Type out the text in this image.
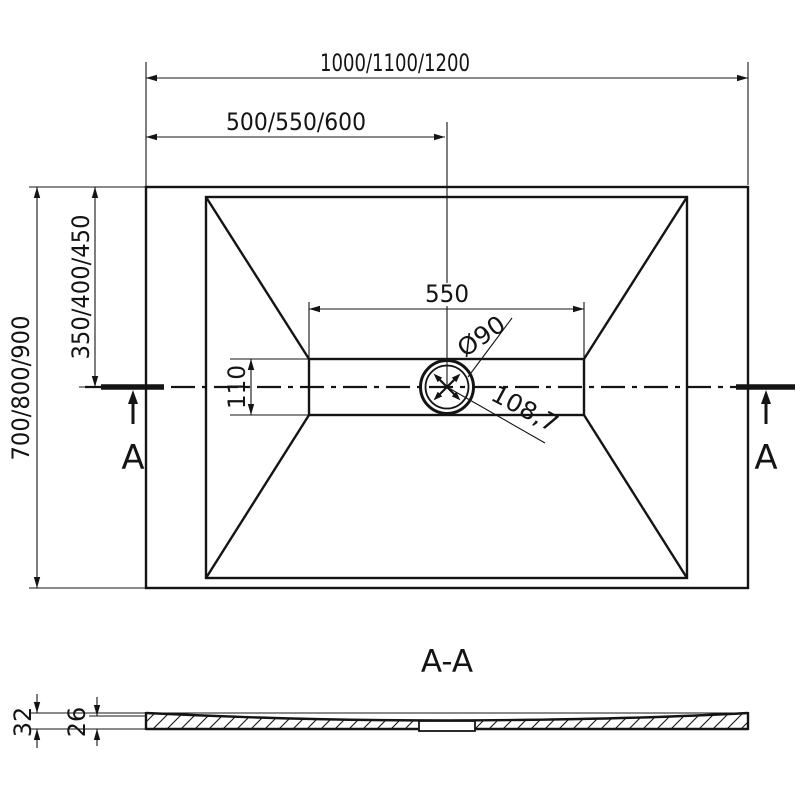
1000/1100/1200
500/550/600
700/800/900
350/400/450	550
110
Ø90
108,7
A	A
A-A
32 26
